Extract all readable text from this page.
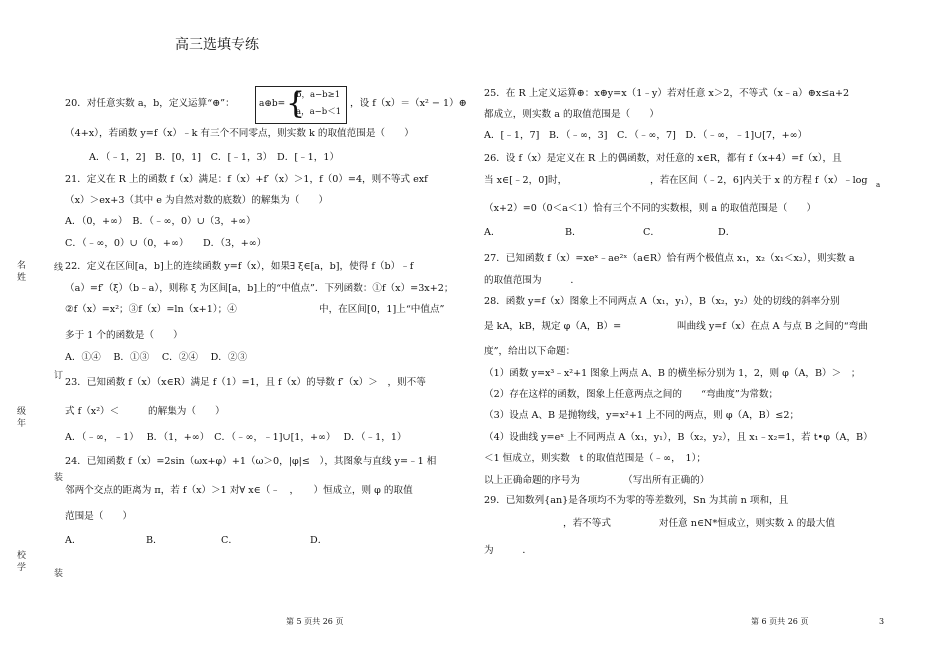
高三选填专练
名
姓
级
年
校
学
线
订
装
装
20．对任意实数 a，b，定义运算“⊕”：	a⊕b= {
b，a−b≥1
a，a−b＜1
，设 f（x）＝（x² − 1）⊕
（4+x），若函数 y=f（x）﹣k 有三个不同零点，则实数 k 的取值范围是（　　）
A．（﹣1，2]　B．[0，1]　C．[﹣1，3）　D．[﹣1，1）
21．定义在 R 上的函数 f（x）满足：f（x）+f′（x）＞1，f（0）=4，则不等式 exf
（x）＞ex+3（其中 e 为自然对数的底数）的解集为（　　）
A．（0，+∞）　B．（﹣∞，0）∪（3，+∞）
C．（﹣∞，0）∪（0，+∞）　　D．（3，+∞）
22．定义在区间[a，b]上的连续函数 y=f（x），如果∃ ξ∈[a，b]，使得 f（b）﹣f
（a）=f′（ξ）（b﹣a），则称 ξ 为区间[a，b]上的“中值点”．下列函数：①f（x）=3x+2；
②f（x）=x²；③f（x）=ln（x+1）；④	中，在区间[0，1]上“中值点”
多于 1 个的函数是（　　）
A．①④　 B．①③　 C．②④　 D．②③
23．已知函数 f（x）（x∈R）满足 f（1）=1，且 f（x）的导数 f′（x）＞　，则不等
式 f（x²）＜　　　的解集为（　　）
A．（﹣∞，﹣1）　 B．（1，+∞）　C．（﹣∞，﹣1]∪[1，+∞）　 D．（﹣1，1）
24．已知函数 f（x）=2sin（ωx+φ）+1（ω＞0，|φ|≤　），其图象与直线 y=﹣1 相
邻两个交点的距离为 π，若 f（x）＞1 对∀ x∈（﹣　，　　）恒成立，则 φ 的取值
范围是（　　）
A．	B．	C．	D．
第 5 页共 26 页
25．在 R 上定义运算⊕：x⊕y=x（1﹣y）若对任意 x＞2，不等式（x﹣a）⊕x≤a+2
都成立，则实数 a 的取值范围是（　　）
A．[﹣1，7]　B．（﹣∞，3]　C．（﹣∞，7]　D．（﹣∞，﹣1]∪[7，+∞）
26．设 f（x）是定义在 R 上的偶函数，对任意的 x∈R，都有 f（x+4）=f（x），且
当 x∈[﹣2，0]时，	，若在区间（﹣2，6]内关于 x 的方程 f（x）﹣log a
（x+2）=0（0＜a＜1）恰有三个不同的实数根，则 a 的取值范围是（　　）
A．	B．	C．	D．
27．已知函数 f（x）=xeˣ﹣ae²ˣ（a∈R）恰有两个极值点 x₁，x₂（x₁＜x₂），则实数 a
的取值范围为　　　．
28．函数 y=f（x）图象上不同两点 A（x₁，y₁），B（x₂，y₂）处的切线的斜率分别
是 kA，kB，规定 φ（A，B）=	叫曲线 y=f（x）在点 A 与点 B 之间的“弯曲
度”，给出以下命题：
（1）函数 y=x³﹣x²+1 图象上两点 A、B 的横坐标分别为 1，2，则 φ（A，B）＞　；
（2）存在这样的函数，图象上任意两点之间的　　“弯曲度”为常数；
（3）设点 A、B 是抛物线，y=x²+1 上不同的两点，则 φ（A，B）≤2；
（4）设曲线 y=eˣ 上不同两点 A（x₁，y₁），B（x₂，y₂），且 x₁﹣x₂=1，若 t•φ（A，B）
＜1 恒成立，则实数　t 的取值范围是（﹣∞，　1）；
以上正确命题的序号为　　　　　（写出所有正确的）
29．已知数列{an}是各项均不为零的等差数列，Sn 为其前 n 项和，且
，若不等式　　　　　对任意 n∈N*恒成立，则实数 λ 的最大值
为　　　．
第 6 页共 26 页	3
